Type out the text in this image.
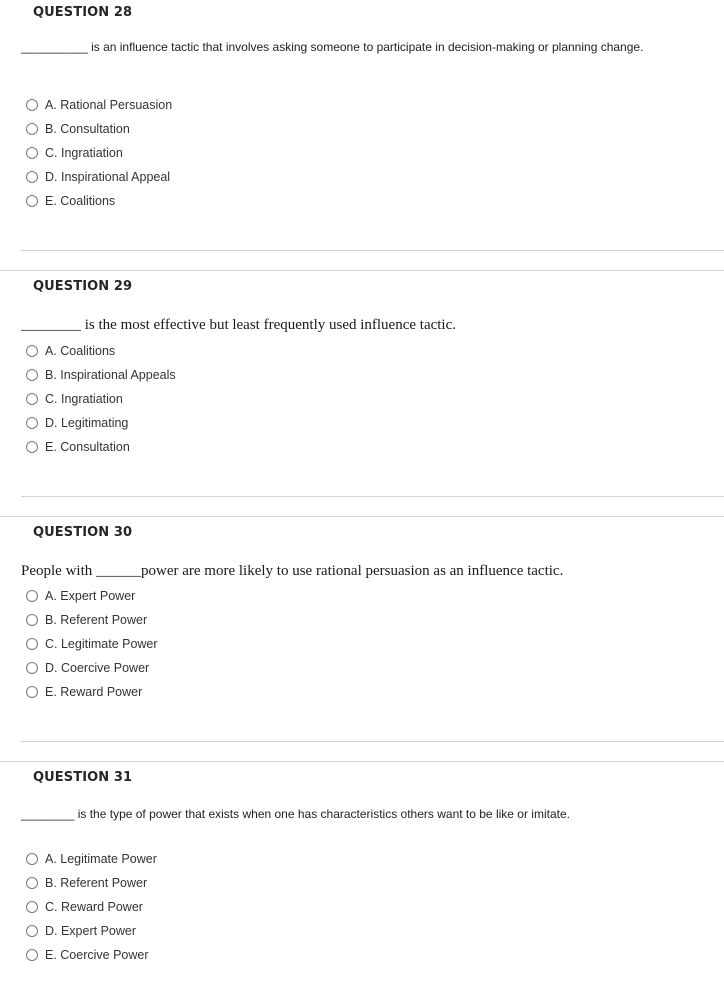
QUESTION 28
__________ is an influence tactic that involves asking someone to participate in decision-making or planning change.
A. Rational Persuasion
B. Consultation
C. Ingratiation
D. Inspirational Appeal
E. Coalitions
QUESTION 29
________ is the most effective but least frequently used influence tactic.
A. Coalitions
B. Inspirational Appeals
C. Ingratiation
D. Legitimating
E. Consultation
QUESTION 30
People with ______power are more likely to use rational persuasion as an influence tactic.
A. Expert Power
B. Referent Power
C. Legitimate Power
D. Coercive Power
E. Reward Power
QUESTION 31
________ is the type of power that exists when one has characteristics others want to be like or imitate.
A. Legitimate Power
B. Referent Power
C. Reward Power
D. Expert Power
E. Coercive Power
